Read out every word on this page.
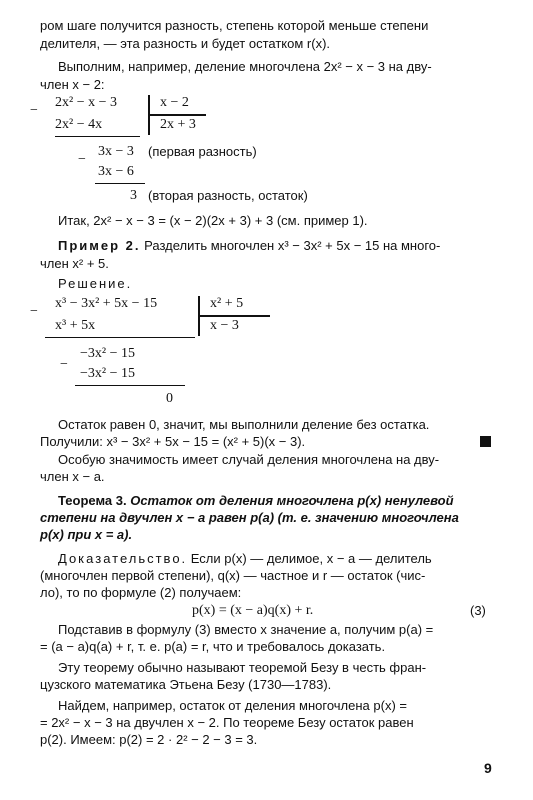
ром шаге получится разность, степень которой меньше степени
делителя, — эта разность и будет остатком r(x).
Выполним, например, деление многочлена 2x² − x − 3 на дву-
член x − 2:
−
2x² − x − 3	x − 2
2x² − 4x	2x + 3
−
3x − 3 (первая разность)
3x − 6
3 (вторая разность, остаток)
Итак, 2x² − x − 3 = (x − 2)(2x + 3) + 3 (см. пример 1).
Пример 2. Разделить многочлен x³ − 3x² + 5x − 15 на много-
член x² + 5.
Решение.
−
x³ − 3x² + 5x − 15	x² + 5
x³ + 5x	x − 3
−
−3x² − 15
−3x² − 15
0
Остаток равен 0, значит, мы выполнили деление без остатка.
Получили: x³ − 3x² + 5x − 15 = (x² + 5)(x − 3).
Особую значимость имеет случай деления многочлена на дву-
член x − a.
Теорема 3. Остаток от деления многочлена p(x) ненулевой
степени на двучлен x − a равен p(a) (т. е. значению многочлена
p(x) при x = a).
Доказательство. Если p(x) — делимое, x − a — делитель
(многочлен первой степени), q(x) — частное и r — остаток (чис-
ло), то по формуле (2) получаем:
p(x) = (x − a)q(x) + r.	(3)
Подставив в формулу (3) вместо x значение a, получим p(a) =
= (a − a)q(a) + r, т. е. p(a) = r, что и требовалось доказать.
Эту теорему обычно называют теоремой Безу в честь фран-
цузского математика Этьена Безу (1730—1783).
Найдем, например, остаток от деления многочлена p(x) =
= 2x² − x − 3 на двучлен x − 2. По теореме Безу остаток равен
p(2). Имеем: p(2) = 2 · 2² − 2 − 3 = 3.
9
